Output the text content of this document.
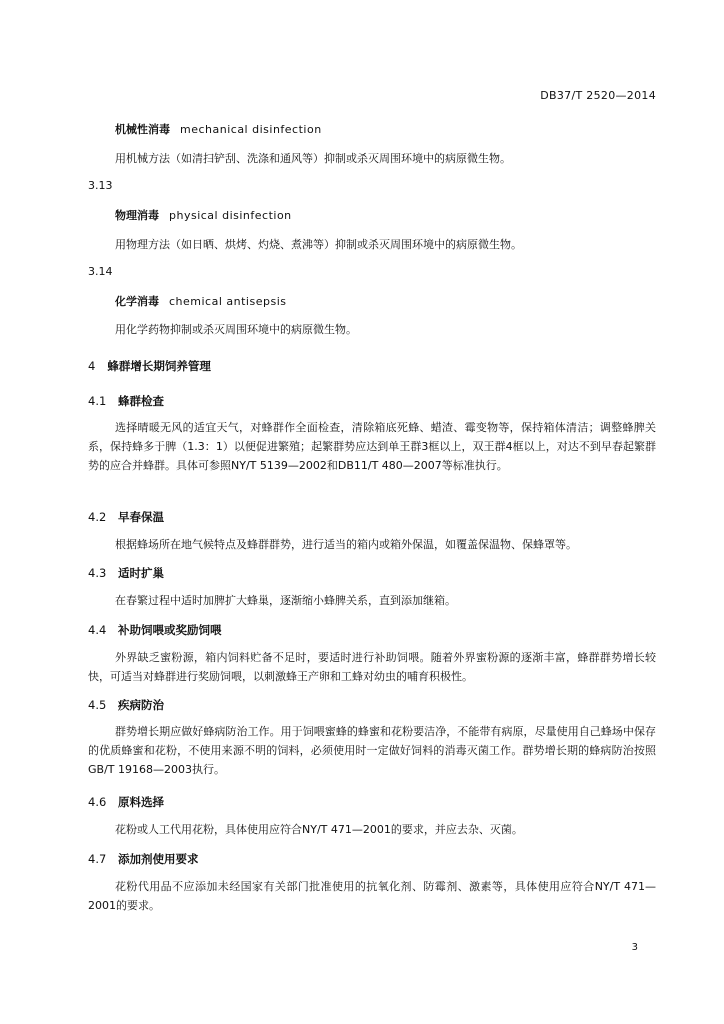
DB37/T 2520—2014
机械性消毒 mechanical disinfection
用机械方法（如清扫铲刮、洗涤和通风等）抑制或杀灭周围环境中的病原微生物。
3.13
物理消毒 physical disinfection
用物理方法（如日晒、烘烤、灼烧、煮沸等）抑制或杀灭周围环境中的病原微生物。
3.14
化学消毒 chemical antisepsis
用化学药物抑制或杀灭周围环境中的病原微生物。
4 蜂群增长期饲养管理
4.1 蜂群检查
选择晴暖无风的适宜天气，对蜂群作全面检查，清除箱底死蜂、蜡渣、霉变物等，保持箱体清洁；调整蜂脾关系，保持蜂多于脾（1.3：1）以便促进繁殖；起繁群势应达到单王群3框以上，双王群4框以上，对达不到早春起繁群势的应合并蜂群。具体可参照NY/T 5139—2002和DB11/T 480—2007等标准执行。
4.2 早春保温
根据蜂场所在地气候特点及蜂群群势，进行适当的箱内或箱外保温，如覆盖保温物、保蜂罩等。
4.3 适时扩巢
在春繁过程中适时加脾扩大蜂巢，逐渐缩小蜂脾关系，直到添加继箱。
4.4 补助饲喂或奖励饲喂
外界缺乏蜜粉源，箱内饲料贮备不足时，要适时进行补助饲喂。随着外界蜜粉源的逐渐丰富，蜂群群势增长较快，可适当对蜂群进行奖励饲喂，以刺激蜂王产卵和工蜂对幼虫的哺育积极性。
4.5 疾病防治
群势增长期应做好蜂病防治工作。用于饲喂蜜蜂的蜂蜜和花粉要洁净，不能带有病原，尽量使用自己蜂场中保存的优质蜂蜜和花粉，不使用来源不明的饲料，必须使用时一定做好饲料的消毒灭菌工作。群势增长期的蜂病防治按照GB/T 19168—2003执行。
4.6 原料选择
花粉或人工代用花粉，具体使用应符合NY/T 471—2001的要求，并应去杂、灭菌。
4.7 添加剂使用要求
花粉代用品不应添加未经国家有关部门批准使用的抗氧化剂、防霉剂、激素等，具体使用应符合NY/T 471—2001的要求。
3
